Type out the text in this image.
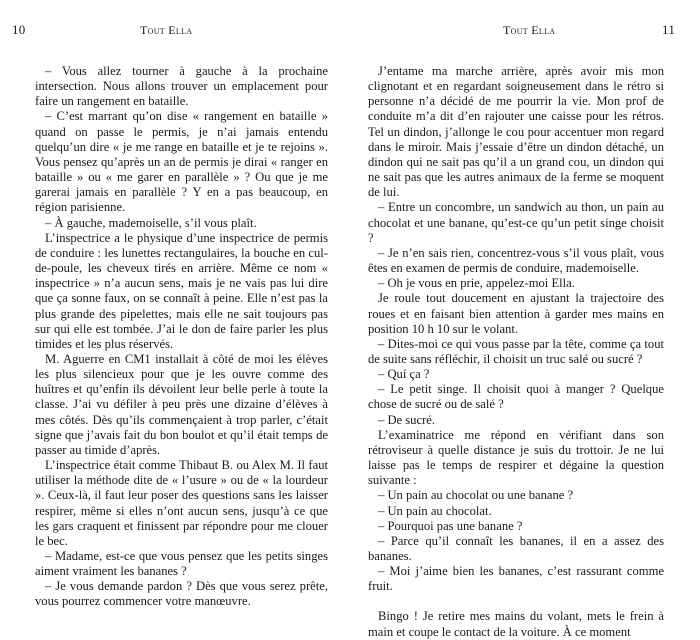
10	Tout Ella

– Vous allez tourner à gauche à la prochaine intersection. Nous allons trouver un emplacement pour faire un rangement en bataille.

– C’est marrant qu’on dise « rangement en bataille » quand on passe le permis, je n’ai jamais entendu quelqu’un dire « je me range en bataille et je te rejoins ». Vous pensez qu’après un an de permis je dirai « ranger en bataille » ou « me garer en parallèle » ? Ou que je me garerai jamais en parallèle ? Y en a pas beaucoup, en région parisienne.

– À gauche, mademoiselle, s’il vous plaît.

L’inspectrice a le physique d’une inspectrice de permis de conduire : les lunettes rectangulaires, la bouche en cul-de-poule, les cheveux tirés en arrière. Même ce nom « inspectrice » n’a aucun sens, mais je ne vais pas lui dire que ça sonne faux, on se connaît à peine. Elle n’est pas la plus grande des pipelettes, mais elle ne sait toujours pas sur qui elle est tombée. J’ai le don de faire parler les plus timides et les plus réservés.

M. Aguerre en CM1 installait à côté de moi les élèves les plus silencieux pour que je les ouvre comme des huîtres et qu’enfin ils dévoilent leur belle perle à toute la classe. J’ai vu défiler à peu près une dizaine d’élèves à mes côtés. Dès qu’ils commençaient à trop parler, c’était signe que j’avais fait du bon boulot et qu’il était temps de passer au timide d’après.

L’inspectrice était comme Thibaut B. ou Alex M. Il faut utiliser la méthode dite de « l’usure » ou de « la lourdeur ». Ceux-là, il faut leur poser des questions sans les laisser respirer, même si elles n’ont aucun sens, jusqu’à ce que les gars craquent et finissent par répondre pour me clouer le bec.

– Madame, est-ce que vous pensez que les petits singes aiment vraiment les bananes ?

– Je vous demande pardon ? Dès que vous serez prête, vous pourrez commencer votre manœuvre.

Tout Ella	11

J’entame ma marche arrière, après avoir mis mon clignotant et en regardant soigneusement dans le rétro si personne n’a décidé de me pourrir la vie. Mon prof de conduite m’a dit d’en rajouter une caisse pour les rétros. Tel un dindon, j’allonge le cou pour accentuer mon regard dans le miroir. Mais j’essaie d’être un dindon détaché, un dindon qui ne sait pas qu’il a un grand cou, un dindon qui ne sait pas que les autres animaux de la ferme se moquent de lui.

– Entre un concombre, un sandwich au thon, un pain au chocolat et une banane, qu’est-ce qu’un petit singe choisit ?

– Je n’en sais rien, concentrez-vous s’il vous plaît, vous êtes en examen de permis de conduire, mademoiselle.

– Oh je vous en prie, appelez-moi Ella.

Je roule tout doucement en ajustant la trajectoire des roues et en faisant bien attention à garder mes mains en position 10 h 10 sur le volant.

– Dites-moi ce qui vous passe par la tête, comme ça tout de suite sans réfléchir, il choisit un truc salé ou sucré ?

– Quí ça ?

– Le petit singe. Il choisit quoi à manger ? Quelque chose de sucré ou de salé ?

– De sucré.

L’examinatrice me répond en vérifiant dans son rétroviseur à quelle distance je suis du trottoir. Je ne lui laisse pas le temps de respirer et dégaine la question suivante :

– Un pain au chocolat ou une banane ?

– Un pain au chocolat.

– Pourquoi pas une banane ?

– Parce qu’il connaît les bananes, il en a assez des bananes.

– Moi j’aime bien les bananes, c’est rassurant comme fruit.

Bingo ! Je retire mes mains du volant, mets le frein à main et coupe le contact de la voiture. À ce moment
